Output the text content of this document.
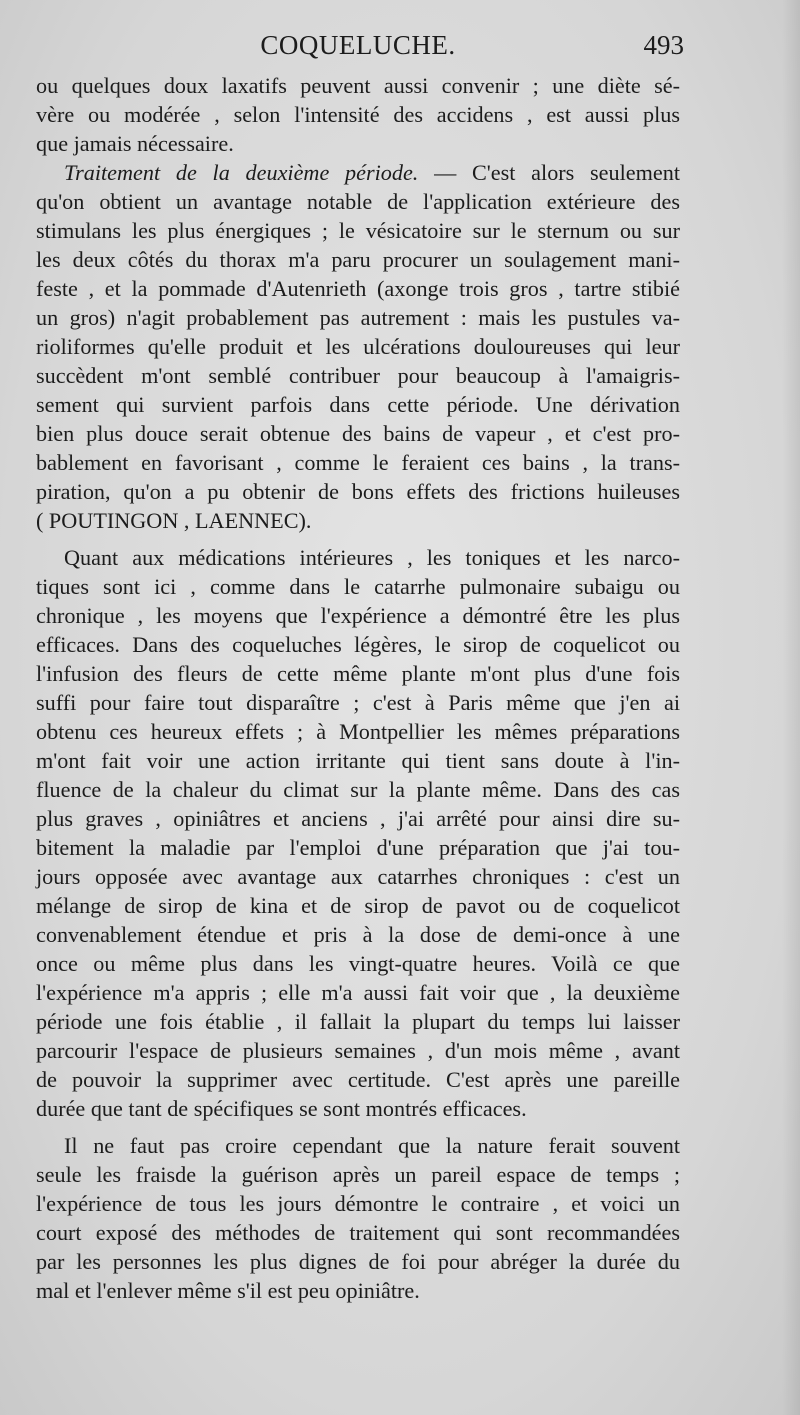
COQUELUCHE.	493
ou quelques doux laxatifs peuvent aussi convenir ; une diète sé-
vère ou modérée , selon l'intensité des accidens , est aussi plus
que jamais nécessaire.
Traitement de la deuxième période. — C'est alors seulement
qu'on obtient un avantage notable de l'application extérieure des
stimulans les plus énergiques ; le vésicatoire sur le sternum ou sur
les deux côtés du thorax m'a paru procurer un soulagement mani-
feste , et la pommade d'Autenrieth (axonge trois gros , tartre stibié
un gros) n'agit probablement pas autrement : mais les pustules va-
rioliformes qu'elle produit et les ulcérations douloureuses qui leur
succèdent m'ont semblé contribuer pour beaucoup à l'amaigris-
sement qui survient parfois dans cette période. Une dérivation
bien plus douce serait obtenue des bains de vapeur , et c'est pro-
bablement en favorisant , comme le feraient ces bains , la trans-
piration, qu'on a pu obtenir de bons effets des frictions huileuses
( POUTINGON , LAENNEC).
Quant aux médications intérieures , les toniques et les narco-
tiques sont ici , comme dans le catarrhe pulmonaire subaigu ou
chronique , les moyens que l'expérience a démontré être les plus
efficaces. Dans des coqueluches légères, le sirop de coquelicot ou
l'infusion des fleurs de cette même plante m'ont plus d'une fois
suffi pour faire tout disparaître ; c'est à Paris même que j'en ai
obtenu ces heureux effets ; à Montpellier les mêmes préparations
m'ont fait voir une action irritante qui tient sans doute à l'in-
fluence de la chaleur du climat sur la plante même. Dans des cas
plus graves , opiniâtres et anciens , j'ai arrêté pour ainsi dire su-
bitement la maladie par l'emploi d'une préparation que j'ai tou-
jours opposée avec avantage aux catarrhes chroniques : c'est un
mélange de sirop de kina et de sirop de pavot ou de coquelicot
convenablement étendue et pris à la dose de demi-once à une
once ou même plus dans les vingt-quatre heures. Voilà ce que
l'expérience m'a appris ; elle m'a aussi fait voir que , la deuxième
période une fois établie , il fallait la plupart du temps lui laisser
parcourir l'espace de plusieurs semaines , d'un mois même , avant
de pouvoir la supprimer avec certitude. C'est après une pareille
durée que tant de spécifiques se sont montrés efficaces.
Il ne faut pas croire cependant que la nature ferait souvent
seule les fraisde la guérison après un pareil espace de temps ;
l'expérience de tous les jours démontre le contraire , et voici un
court exposé des méthodes de traitement qui sont recommandées
par les personnes les plus dignes de foi pour abréger la durée du
mal et l'enlever même s'il est peu opiniâtre.
